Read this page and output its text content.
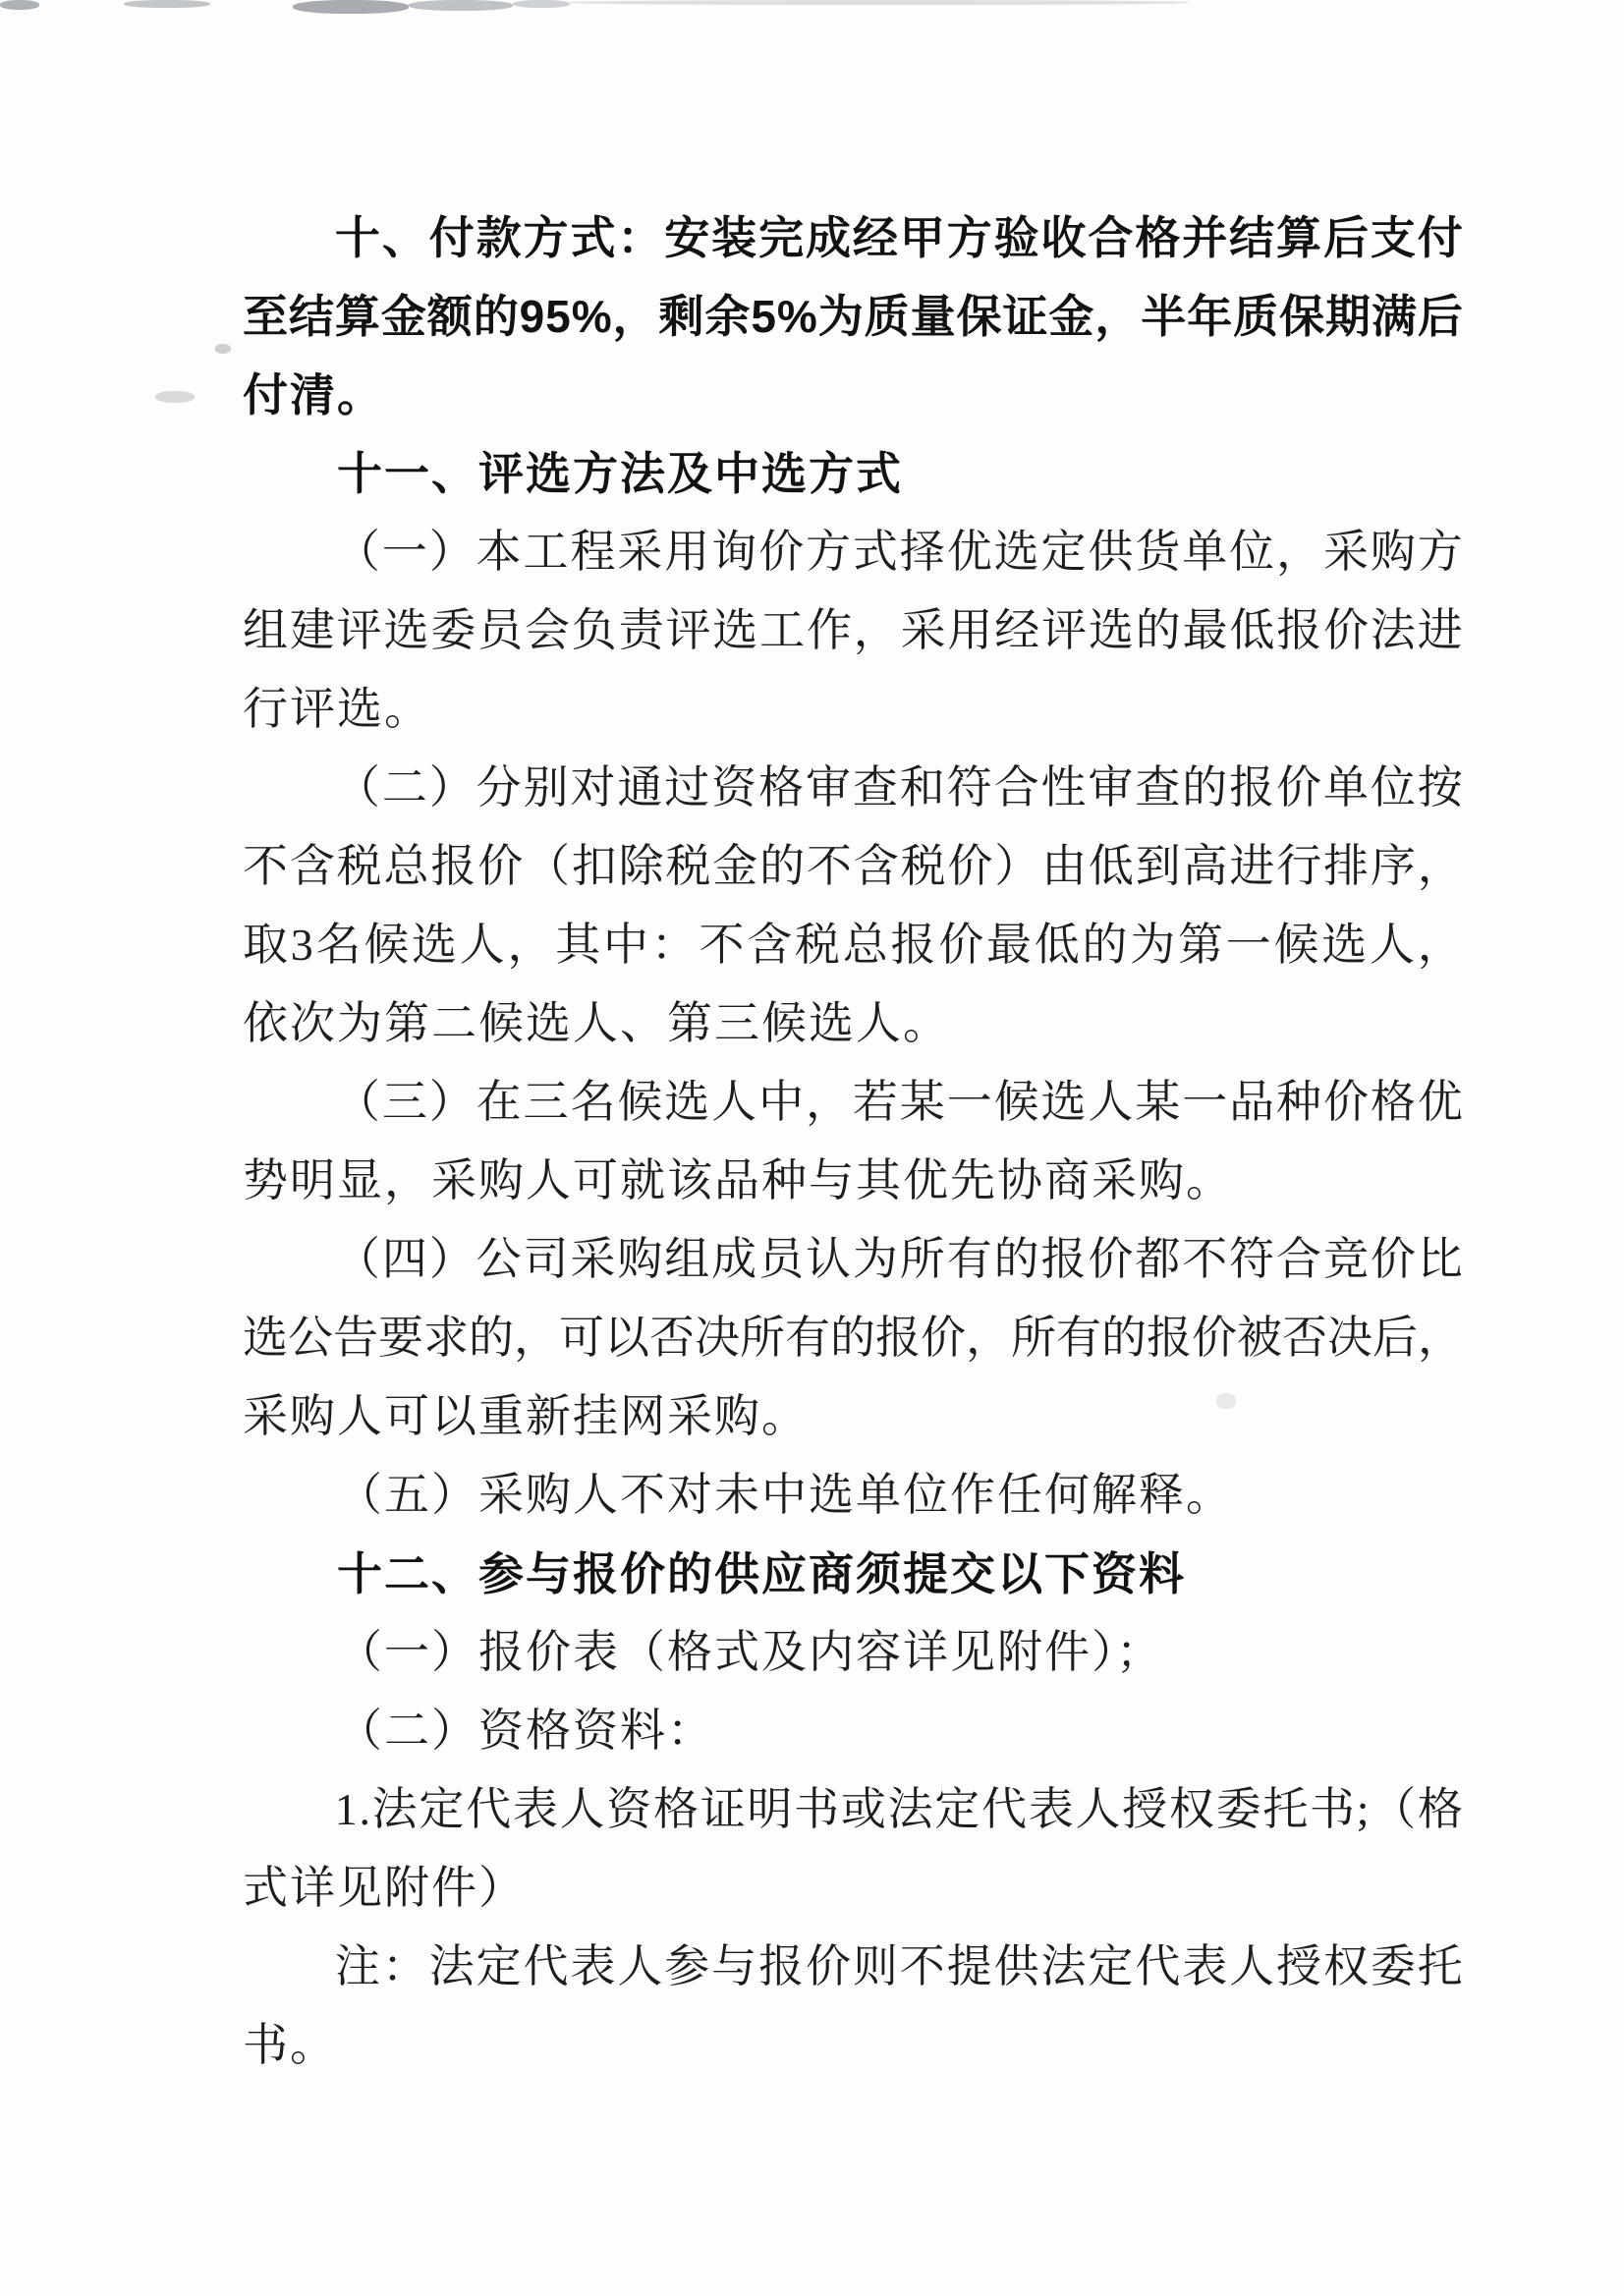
十 、 付 款 方 式 ： 安 装 完 成 经 甲 方 验 收 合 格 并 结 算 后 支 付
至 结 算 金 额 的 9 5 % ， 剩 余 5 % 为 质 量 保 证 金 ， 半 年 质 保 期 满 后
付清。
十一、评选方法及中选方式
（ 一 ） 本 工 程 采 用 询 价 方 式 择 优 选 定 供 货 单 位 ， 采 购 方
组 建 评 选 委 员 会 负 责 评 选 工 作 ， 采 用 经 评 选 的 最 低 报 价 法 进
行评选。
（ 二 ） 分 别 对 通 过 资 格 审 查 和 符 合 性 审 查 的 报 价 单 位 按
不 含 税 总 报 价 （ 扣 除 税 金 的 不 含 税 价 ） 由 低 到 高 进 行 排 序 ，
取 3 名 候 选 人 ， 其 中 ： 不 含 税 总 报 价 最 低 的 为 第 一 候 选 人 ，
依次为第二候选人、第三候选人。
（ 三 ） 在 三 名 候 选 人 中 ， 若 某 一 候 选 人 某 一 品 种 价 格 优
势明显，采购人可就该品种与其优先协商采购。
（ 四 ） 公 司 采 购 组 成 员 认 为 所 有 的 报 价 都 不 符 合 竞 价 比
选 公 告 要 求 的 ， 可 以 否 决 所 有 的 报 价 ， 所 有 的 报 价 被 否 决 后 ，
采购人可以重新挂网采购。
（五）采购人不对未中选单位作任何解释。
十二、参与报价的供应商须提交以下资料
（一）报价表（格式及内容详见附件）；
（二）资格资料：
1 . 法 定 代 表 人 资 格 证 明 书 或 法 定 代 表 人 授 权 委 托 书 ; （ 格
式详见附件）
注 ： 法 定 代 表 人 参 与 报 价 则 不 提 供 法 定 代 表 人 授 权 委 托
书。
